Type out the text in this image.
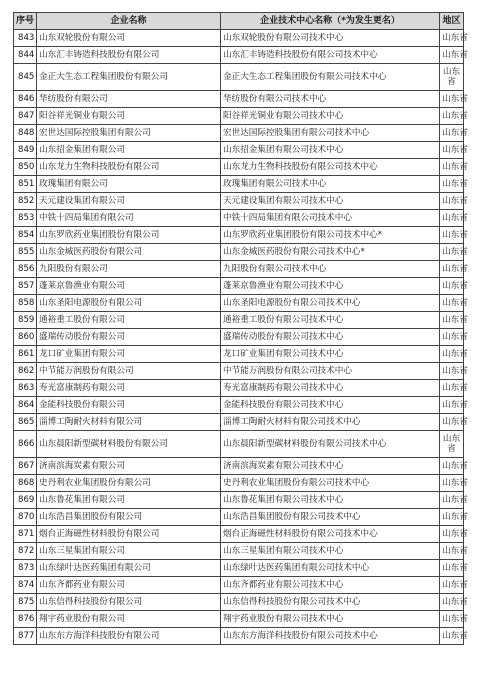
序号	企业名称	企业技术中心名称（*为发生更名）	地区
843	山东双轮股份有限公司	山东双轮股份有限公司技术中心	山东省
844	山东汇丰铸造科技股份有限公司	山东汇丰铸造科技股份有限公司技术中心	山东省
845	金正大生态工程集团股份有限公司	金正大生态工程集团股份有限公司技术中心	山东省
846	华纺股份有限公司	华纺股份有限公司技术中心	山东省
847	阳谷祥光铜业有限公司	阳谷祥光铜业有限公司技术中心	山东省
848	宏世达国际控股集团有限公司	宏世达国际控股集团有限公司技术中心	山东省
849	山东招金集团有限公司	山东招金集团有限公司技术中心	山东省
850	山东龙力生物科技股份有限公司	山东龙力生物科技股份有限公司技术中心	山东省
851	玫瑰集团有限公司	玫瑰集团有限公司技术中心	山东省
852	天元建设集团有限公司	天元建设集团有限公司技术中心	山东省
853	中铁十四局集团有限公司	中铁十四局集团有限公司技术中心	山东省
854	山东罗欣药业集团股份有限公司	山东罗欣药业集团股份有限公司技术中心*	山东省
855	山东金城医药股份有限公司	山东金城医药股份有限公司技术中心*	山东省
856	九阳股份有限公司	九阳股份有限公司技术中心	山东省
857	蓬莱京鲁渔业有限公司	蓬莱京鲁渔业有限公司技术中心	山东省
858	山东圣阳电源股份有限公司	山东圣阳电源股份有限公司技术中心	山东省
859	通裕重工股份有限公司	通裕重工股份有限公司技术中心	山东省
860	盛瑞传动股份有限公司	盛瑞传动股份有限公司技术中心	山东省
861	龙口矿业集团有限公司	龙口矿业集团有限公司技术中心	山东省
862	中节能万润股份有限公司	中节能万润股份有限公司技术中心	山东省
863	寿光富康制药有限公司	寿光富康制药有限公司技术中心	山东省
864	金能科技股份有限公司	金能科技股份有限公司技术中心	山东省
865	淄博工陶耐火材料有限公司	淄博工陶耐火材料有限公司技术中心	山东省
866	山东晨阳新型碳材料股份有限公司	山东晨阳新型碳材料股份有限公司技术中心	山东省
867	济南滨海炭素有限公司	济南滨海炭素有限公司技术中心	山东省
868	史丹利农业集团股份有限公司	史丹利农业集团股份有限公司技术中心	山东省
869	山东鲁花集团有限公司	山东鲁花集团有限公司技术中心	山东省
870	山东浩昌集团股份有限公司	山东浩昌集团股份有限公司技术中心	山东省
871	烟台正海磁性材料股份有限公司	烟台正海磁性材料股份有限公司技术中心	山东省
872	山东三星集团有限公司	山东三星集团有限公司技术中心	山东省
873	山东绿叶达医药集团有限公司	山东绿叶达医药集团有限公司技术中心	山东省
874	山东齐都药业有限公司	山东齐都药业有限公司技术中心	山东省
875	山东信得科技股份有限公司	山东信得科技股份有限公司技术中心	山东省
876	翔宇药业股份有限公司	翔宇药业股份有限公司技术中心	山东省
877	山东东方海洋科技股份有限公司	山东东方海洋科技股份有限公司技术中心	山东省
